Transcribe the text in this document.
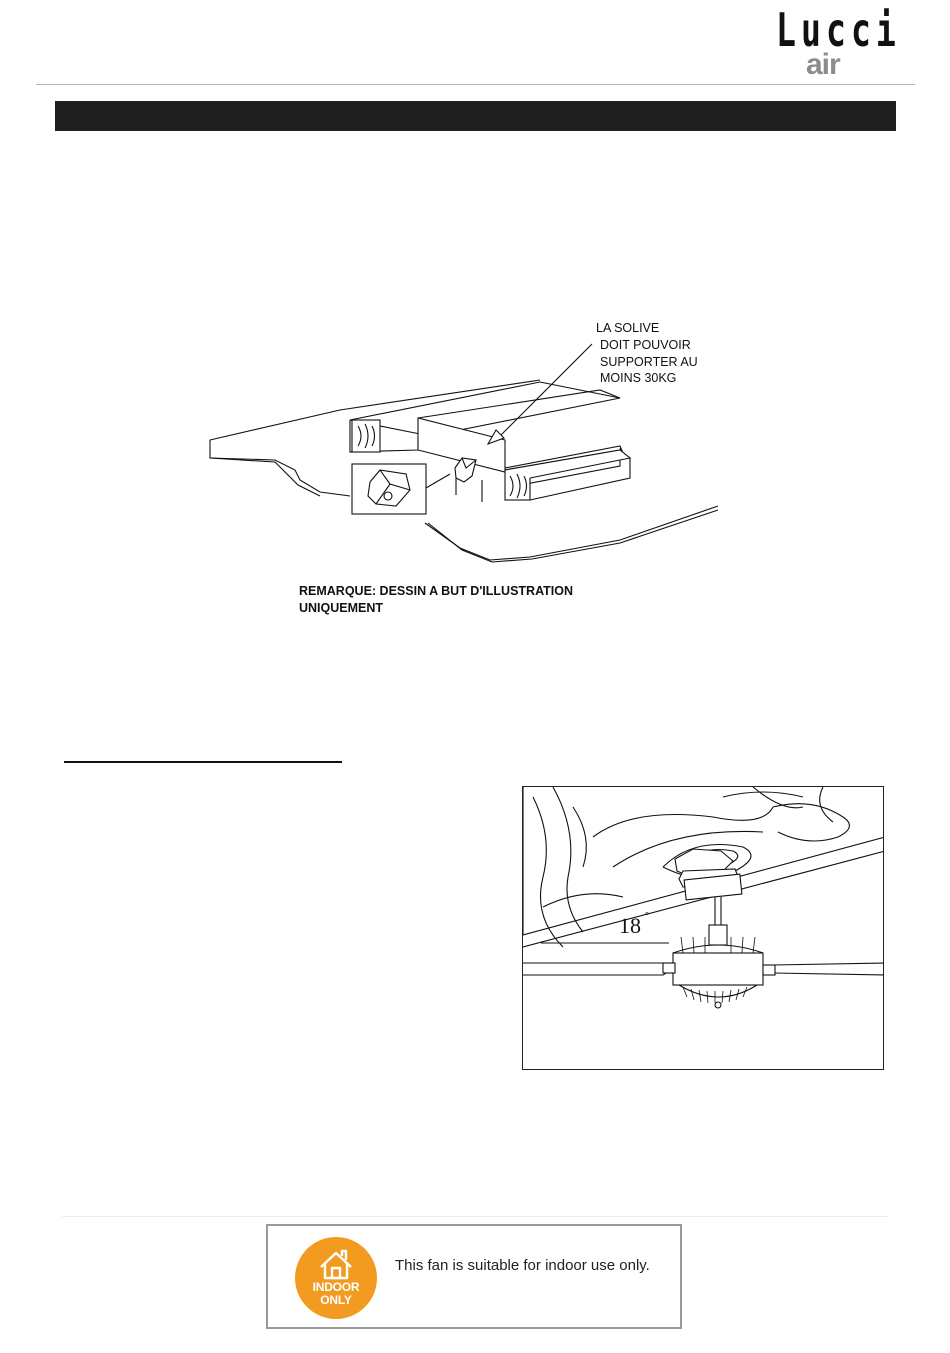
Lucci
air
LA SOLIVE
DOIT POUVOIR
SUPPORTER AU
MOINS 30KG
REMARQUE: DESSIN A BUT D'ILLUSTRATION
UNIQUEMENT
18 °
INDOOR
ONLY
This fan is suitable for indoor use only.
